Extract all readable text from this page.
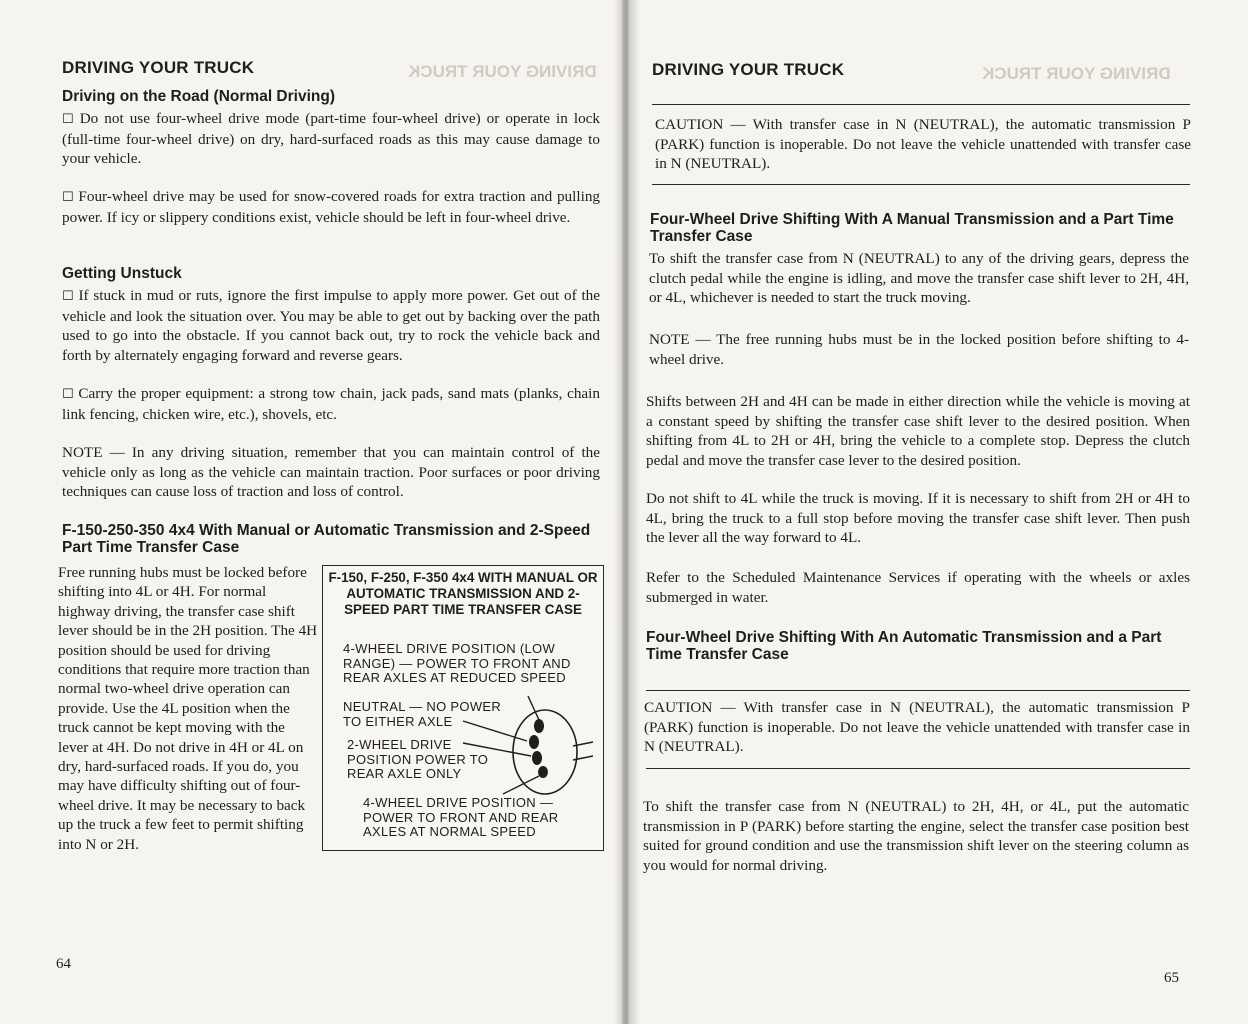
DRIVING YOUR TRUCK
DRIVING YOUR TRUCK
Driving on the Road (Normal Driving)
☐ Do not use four-wheel drive mode (part-time four-wheel drive) or operate in lock (full-time four-wheel drive) on dry, hard-surfaced roads as this may cause damage to your vehicle.
☐ Four-wheel drive may be used for snow-covered roads for extra traction and pulling power. If icy or slippery conditions exist, vehicle should be left in four-wheel drive.
Getting Unstuck
☐ If stuck in mud or ruts, ignore the first impulse to apply more power. Get out of the vehicle and look the situation over. You may be able to get out by backing over the path used to go into the obstacle. If you cannot back out, try to rock the vehicle back and forth by alternately engaging forward and reverse gears.
☐ Carry the proper equipment: a strong tow chain, jack pads, sand mats (planks, chain link fencing, chicken wire, etc.), shovels, etc.
NOTE — In any driving situation, remember that you can maintain control of the vehicle only as long as the vehicle can maintain traction. Poor surfaces or poor driving techniques can cause loss of traction and loss of control.
F-150-250-350 4x4 With Manual or Automatic Transmission and 2-Speed Part Time Transfer Case
Free running hubs must be locked before shifting into 4L or 4H. For normal highway driving, the transfer case shift lever should be in the 2H position. The 4H position should be used for driving conditions that require more traction than normal two-wheel drive operation can provide. Use the 4L position when the truck cannot be kept moving with the lever at 4H. Do not drive in 4H or 4L on dry, hard-surfaced roads. If you do, you may have difficulty shifting out of four-wheel drive. It may be necessary to back up the truck a few feet to permit shifting into N or 2H.
F-150, F-250, F-350 4x4 WITH MANUAL OR AUTOMATIC TRANSMISSION AND 2-SPEED PART TIME TRANSFER CASE
4-WHEEL DRIVE POSITION (LOW RANGE) — POWER TO FRONT AND REAR AXLES AT REDUCED SPEED
NEUTRAL — NO POWER TO EITHER AXLE
2-WHEEL DRIVE POSITION POWER TO REAR AXLE ONLY
4-WHEEL DRIVE POSITION — POWER TO FRONT AND REAR AXLES AT NORMAL SPEED
64
DRIVING YOUR TRUCK
DRIVING YOUR TRUCK
CAUTION — With transfer case in N (NEUTRAL), the automatic transmission P (PARK) function is inoperable. Do not leave the vehicle unattended with transfer case in N (NEUTRAL).
Four-Wheel Drive Shifting With A Manual Transmission and a Part Time Transfer Case
To shift the transfer case from N (NEUTRAL) to any of the driving gears, depress the clutch pedal while the engine is idling, and move the transfer case shift lever to 2H, 4H, or 4L, whichever is needed to start the truck moving.
NOTE — The free running hubs must be in the locked position before shifting to 4-wheel drive.
Shifts between 2H and 4H can be made in either direction while the vehicle is moving at a constant speed by shifting the transfer case shift lever to the desired position. When shifting from 4L to 2H or 4H, bring the vehicle to a complete stop. Depress the clutch pedal and move the transfer case lever to the desired position.
Do not shift to 4L while the truck is moving. If it is necessary to shift from 2H or 4H to 4L, bring the truck to a full stop before moving the transfer case shift lever. Then push the lever all the way forward to 4L.
Refer to the Scheduled Maintenance Services if operating with the wheels or axles submerged in water.
Four-Wheel Drive Shifting With An Automatic Transmission and a Part Time Transfer Case
CAUTION — With transfer case in N (NEUTRAL), the automatic transmission P (PARK) function is inoperable. Do not leave the vehicle unattended with transfer case in N (NEUTRAL).
To shift the transfer case from N (NEUTRAL) to 2H, 4H, or 4L, put the automatic transmission in P (PARK) before starting the engine, select the transfer case position best suited for ground condition and use the transmission shift lever on the steering column as you would for normal driving.
65
